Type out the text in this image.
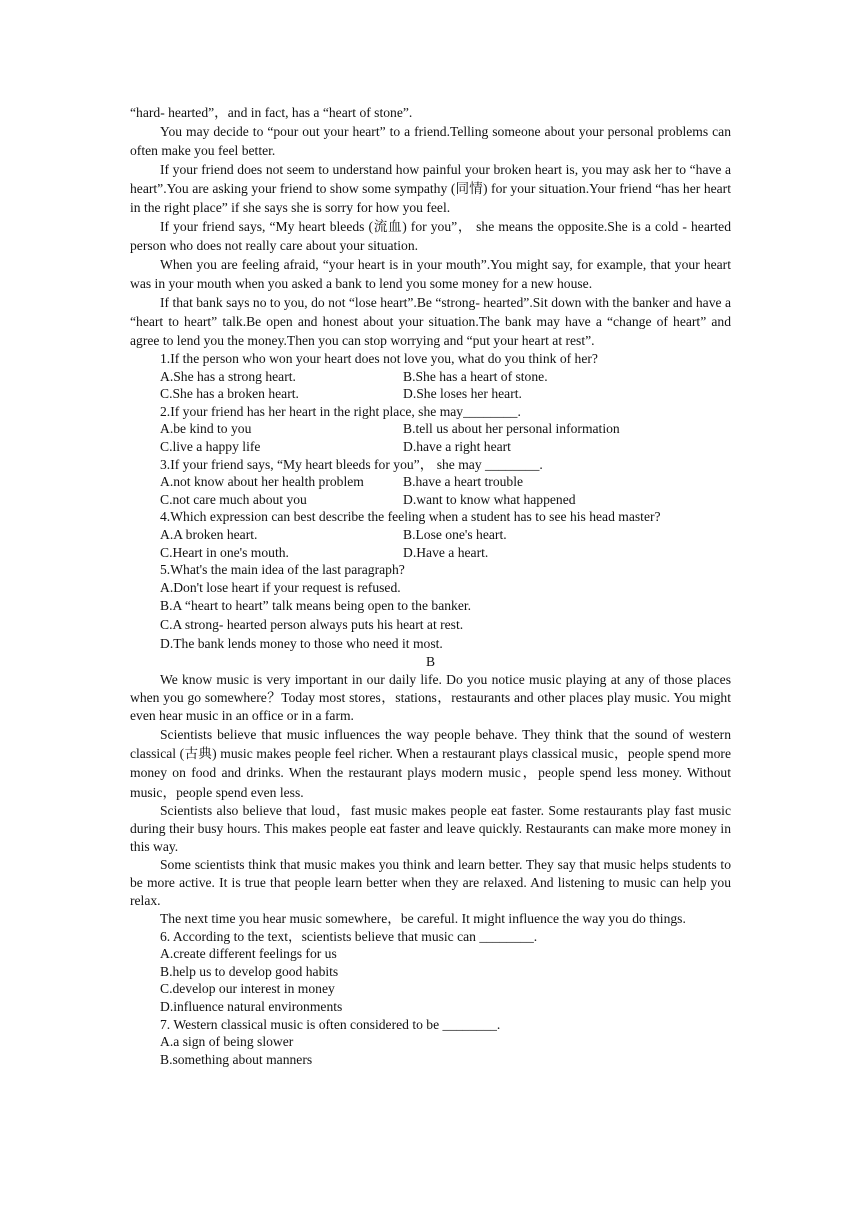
“hard- hearted”，and in fact, has a “heart of stone”.

You may decide to “pour out your heart” to a friend.Telling someone about your personal problems can often make you feel better.

If your friend does not seem to understand how painful your broken heart is, you may ask her to “have a heart”.You are asking your friend to show some sympathy (同情) for your situation.Your friend “has her heart in the right place” if she says she is sorry for how you feel.

If your friend says, “My heart bleeds (流血) for you”， she means the opposite.She is a cold - hearted person who does not really care about your situation.

When you are feeling afraid, “your heart is in your mouth”.You might say, for example, that your heart was in your mouth when you asked a bank to lend you some money for a new house.

If that bank says no to you, do not “lose heart”.Be “strong- hearted”.Sit down with the banker and have a “heart to heart” talk.Be open and honest about your situation.The bank may have a “change of heart” and agree to lend you the money.Then you can stop worrying and “put your heart at rest”.

1.If the person who won your heart does not love you, what do you think of her?

A.She has a strong heart.	B.She has a heart of stone.
C.She has a broken heart.	D.She loses her heart.

2.If your friend has her heart in the right place, she may________.

A.be kind to you	B.tell us about her personal information
C.live a happy life	D.have a right heart

3.If your friend says, “My heart bleeds for you”， she may ________.

A.not know about her health problem	B.have a heart trouble
C.not care much about you	D.want to know what happened

4.Which expression can best describe the feeling when a student has to see his head master?

A.A broken heart.	B.Lose one's heart.
C.Heart in one's mouth.	D.Have a heart.

5.What's the main idea of the last paragraph?

A.Don't lose heart if your request is refused.

B.A “heart to heart” talk means being open to the banker.

C.A strong- hearted person always puts his heart at rest.

D.The bank lends money to those who need it most.

B

We know music is very important in our daily life. Do you notice music playing at any of those places when you go somewhere？Today most stores，stations，restaurants and other places play music. You might even hear music in an office or in a farm.

Scientists believe that music influences the way people behave. They think that the sound of western classical (古典) music makes people feel richer. When a restaurant plays classical music，people spend more money on food and drinks. When the restaurant plays modern music，people spend less money. Without music，people spend even less.

Scientists also believe that loud，fast music makes people eat faster. Some restaurants play fast music during their busy hours. This makes people eat faster and leave quickly. Restaurants can make more money in this way.

Some scientists think that music makes you think and learn better. They say that music helps students to be more active. It is true that people learn better when they are relaxed. And listening to music can help you relax.

The next time you hear music somewhere，be careful. It might influence the way you do things.

6. According to the text，scientists believe that music can ________.

A.create different feelings for us

B.help us to develop good habits

C.develop our interest in money

D.influence natural environments

7. Western classical music is often considered to be ________.

A.a sign of being slower

B.something about manners
